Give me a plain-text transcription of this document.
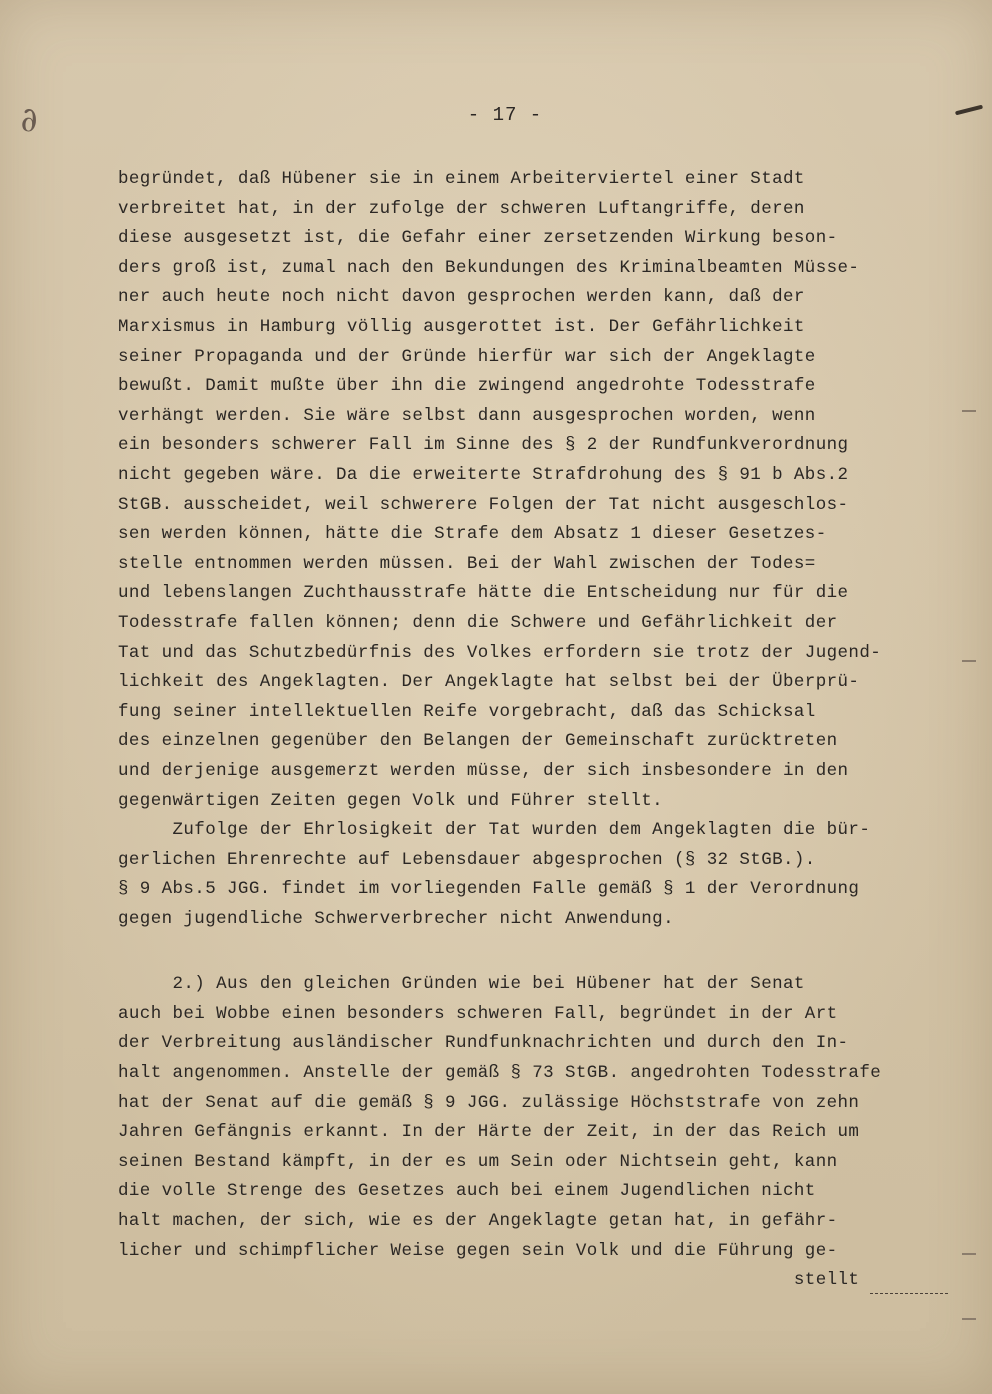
∂	- 17 -
begründet, daß Hübener sie in einem Arbeiterviertel einer Stadt
verbreitet hat, in der zufolge der schweren Luftangriffe, deren
diese ausgesetzt ist, die Gefahr einer zersetzenden Wirkung beson-
ders groß ist, zumal nach den Bekundungen des Kriminalbeamten Müsse-
ner auch heute noch nicht davon gesprochen werden kann, daß der
Marxismus in Hamburg völlig ausgerottet ist. Der Gefährlichkeit
seiner Propaganda und der Gründe hierfür war sich der Angeklagte
bewußt. Damit mußte über ihn die zwingend angedrohte Todesstrafe
verhängt werden. Sie wäre selbst dann ausgesprochen worden, wenn
ein besonders schwerer Fall im Sinne des § 2 der Rundfunkverordnung
nicht gegeben wäre. Da die erweiterte Strafdrohung des § 91 b Abs.2
StGB. ausscheidet, weil schwerere Folgen der Tat nicht ausgeschlos-
sen werden können, hätte die Strafe dem Absatz 1 dieser Gesetzes-
stelle entnommen werden müssen. Bei der Wahl zwischen der Todes=
und lebenslangen Zuchthausstrafe hätte die Entscheidung nur für die
Todesstrafe fallen können; denn die Schwere und Gefährlichkeit der
Tat und das Schutzbedürfnis des Volkes erfordern sie trotz der Jugend-
lichkeit des Angeklagten. Der Angeklagte hat selbst bei der Überprü-
fung seiner intellektuellen Reife vorgebracht, daß das Schicksal
des einzelnen gegenüber den Belangen der Gemeinschaft zurücktreten
und derjenige ausgemerzt werden müsse, der sich insbesondere in den
gegenwärtigen Zeiten gegen Volk und Führer stellt.
Zufolge der Ehrlosigkeit der Tat wurden dem Angeklagten die bür-
gerlichen Ehrenrechte auf Lebensdauer abgesprochen (§ 32 StGB.).
§ 9 Abs.5 JGG. findet im vorliegenden Falle gemäß § 1 der Verordnung
gegen jugendliche Schwerverbrecher nicht Anwendung.
2.) Aus den gleichen Gründen wie bei Hübener hat der Senat
auch bei Wobbe einen besonders schweren Fall, begründet in der Art
der Verbreitung ausländischer Rundfunknachrichten und durch den In-
halt angenommen. Anstelle der gemäß § 73 StGB. angedrohten Todesstrafe
hat der Senat auf die gemäß § 9 JGG. zulässige Höchststrafe von zehn
Jahren Gefängnis erkannt. In der Härte der Zeit, in der das Reich um
seinen Bestand kämpft, in der es um Sein oder Nichtsein geht, kann
die volle Strenge des Gesetzes auch bei einem Jugendlichen nicht
halt machen, der sich, wie es der Angeklagte getan hat, in gefähr-
licher und schimpflicher Weise gegen sein Volk und die Führung ge-
stellt
